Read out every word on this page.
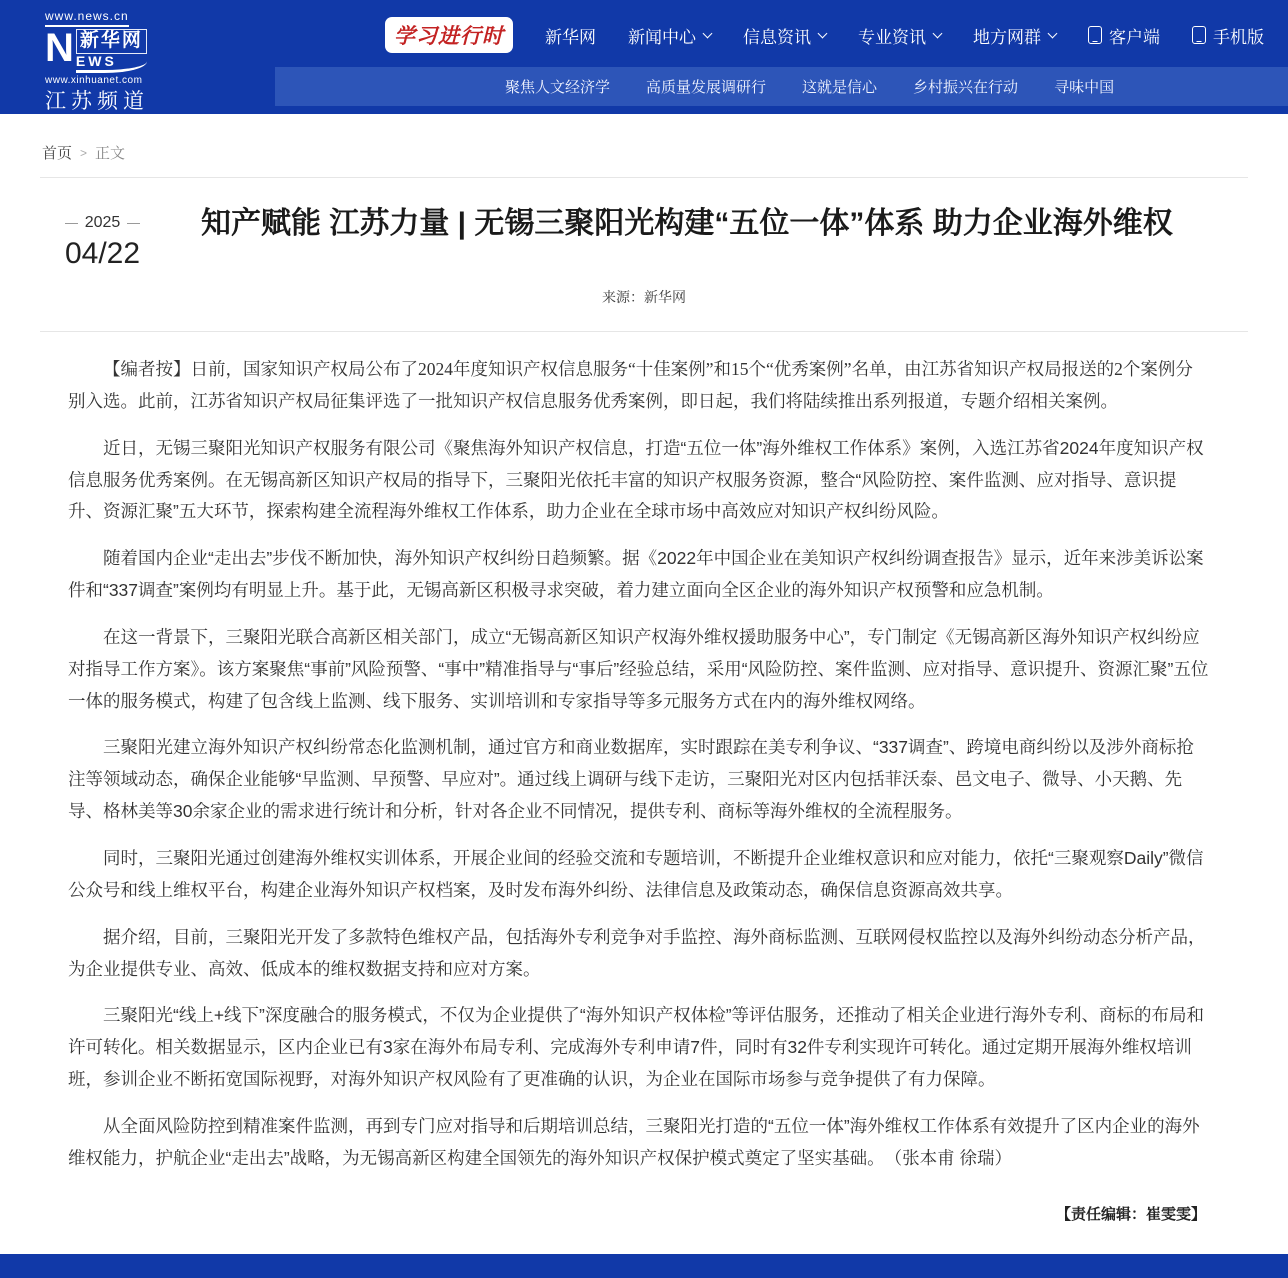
www.news.cn
N 新华网
EWS
www.xinhuanet.com
江苏频道
js.xinhuanet.com
学习进行时	新华网 新闻中心	信息资讯	专业资讯	地方网群	客户端	手机版
聚焦人文经济学 高质量发展调研行 这就是信心 乡村振兴在行动 寻味中国
首页 > 正文
2025
04/22
知产赋能 江苏力量 | 无锡三聚阳光构建“五位一体”体系 助力企业海外维权
来源：新华网

【编者按】日前，国家知识产权局公布了2024年度知识产权信息服务“十佳案例”和15个“优秀案例”名单，由江苏省知识产权局报送的2个案例分别入选。此前，江苏省知识产权局征集评选了一批知识产权信息服务优秀案例，即日起，我们将陆续推出系列报道，专题介绍相关案例。

近日，无锡三聚阳光知识产权服务有限公司《聚焦海外知识产权信息，打造“五位一体”海外维权工作体系》案例，入选江苏省2024年度知识产权信息服务优秀案例。在无锡高新区知识产权局的指导下，三聚阳光依托丰富的知识产权服务资源，整合“风险防控、案件监测、应对指导、意识提升、资源汇聚”五大环节，探索构建全流程海外维权工作体系，助力企业在全球市场中高效应对知识产权纠纷风险。

随着国内企业“走出去”步伐不断加快，海外知识产权纠纷日趋频繁。据《2022年中国企业在美知识产权纠纷调查报告》显示，近年来涉美诉讼案件和“337调查”案例均有明显上升。基于此，无锡高新区积极寻求突破，着力建立面向全区企业的海外知识产权预警和应急机制。

在这一背景下，三聚阳光联合高新区相关部门，成立“无锡高新区知识产权海外维权援助服务中心”，专门制定《无锡高新区海外知识产权纠纷应对指导工作方案》。该方案聚焦“事前”风险预警、“事中”精准指导与“事后”经验总结，采用“风险防控、案件监测、应对指导、意识提升、资源汇聚”五位一体的服务模式，构建了包含线上监测、线下服务、实训培训和专家指导等多元服务方式在内的海外维权网络。

三聚阳光建立海外知识产权纠纷常态化监测机制，通过官方和商业数据库，实时跟踪在美专利争议、“337调查”、跨境电商纠纷以及涉外商标抢注等领域动态，确保企业能够“早监测、早预警、早应对”。通过线上调研与线下走访，三聚阳光对区内包括菲沃泰、邑文电子、微导、小天鹅、先导、格林美等30余家企业的需求进行统计和分析，针对各企业不同情况，提供专利、商标等海外维权的全流程服务。

同时，三聚阳光通过创建海外维权实训体系，开展企业间的经验交流和专题培训，不断提升企业维权意识和应对能力，依托“三聚观察Daily”微信公众号和线上维权平台，构建企业海外知识产权档案，及时发布海外纠纷、法律信息及政策动态，确保信息资源高效共享。

据介绍，目前，三聚阳光开发了多款特色维权产品，包括海外专利竞争对手监控、海外商标监测、互联网侵权监控以及海外纠纷动态分析产品，为企业提供专业、高效、低成本的维权数据支持和应对方案。

三聚阳光“线上+线下”深度融合的服务模式，不仅为企业提供了“海外知识产权体检”等评估服务，还推动了相关企业进行海外专利、商标的布局和许可转化。相关数据显示，区内企业已有3家在海外布局专利、完成海外专利申请7件，同时有32件专利实现许可转化。通过定期开展海外维权培训班，参训企业不断拓宽国际视野，对海外知识产权风险有了更准确的认识，为企业在国际市场参与竞争提供了有力保障。

从全面风险防控到精准案件监测，再到专门应对指导和后期培训总结，三聚阳光打造的“五位一体”海外维权工作体系有效提升了区内企业的海外维权能力，护航企业“走出去”战略，为无锡高新区构建全国领先的海外知识产权保护模式奠定了坚实基础。　（张本甫 徐瑞）

【责任编辑：崔雯雯】
